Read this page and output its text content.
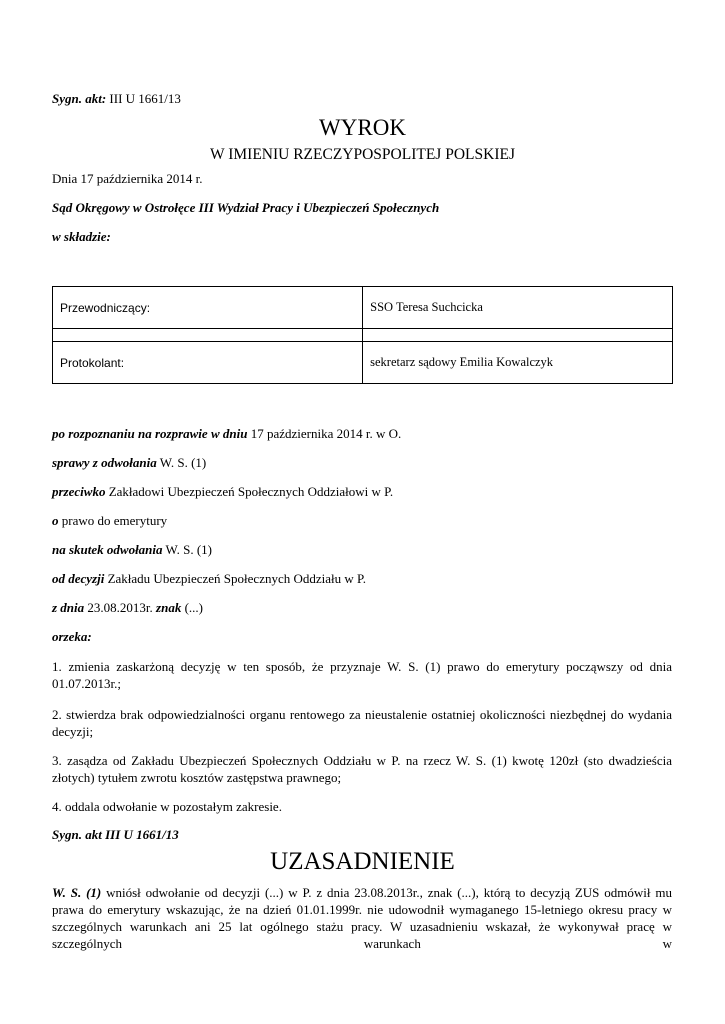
Sygn. akt: III U 1661/13
WYROK
W IMIENIU RZECZYPOSPOLITEJ POLSKIEJ
Dnia 17 października 2014 r.
Sąd Okręgowy w Ostrołęce III Wydział Pracy i Ubezpieczeń Społecznych
w składzie:
Przewodniczący:	SSO Teresa Suchcicka

Protokolant:	sekretarz sądowy Emilia Kowalczyk
po rozpoznaniu na rozprawie w dniu 17 października 2014 r. w O.
sprawy z odwołania W. S. (1)
przeciwko Zakładowi Ubezpieczeń Społecznych Oddziałowi w P.
o prawo do emerytury
na skutek odwołania W. S. (1)
od decyzji Zakładu Ubezpieczeń Społecznych Oddziału w P.
z dnia 23.08.2013r. znak (...)
orzeka:
1. zmienia zaskarżoną decyzję w ten sposób, że przyznaje W. S. (1) prawo do emerytury począwszy od dnia 01.07.2013r.;
2. stwierdza brak odpowiedzialności organu rentowego za nieustalenie ostatniej okoliczności niezbędnej do wydania decyzji;
3. zasądza od Zakładu Ubezpieczeń Społecznych Oddziału w P. na rzecz W. S. (1) kwotę 120zł (sto dwadzieścia złotych) tytułem zwrotu kosztów zastępstwa prawnego;
4. oddala odwołanie w pozostałym zakresie.
Sygn. akt III U 1661/13
UZASADNIENIE
W. S. (1) wniósł odwołanie od decyzji (...) w P. z dnia 23.08.2013r., znak (...), którą to decyzją ZUS odmówił mu prawa do emerytury wskazując, że na dzień 01.01.1999r. nie udowodnił wymaganego 15-letniego okresu pracy w szczególnych warunkach ani 25 lat ogólnego stażu pracy. W uzasadnieniu wskazał, że wykonywał pracę w szczególnych warunkach w
